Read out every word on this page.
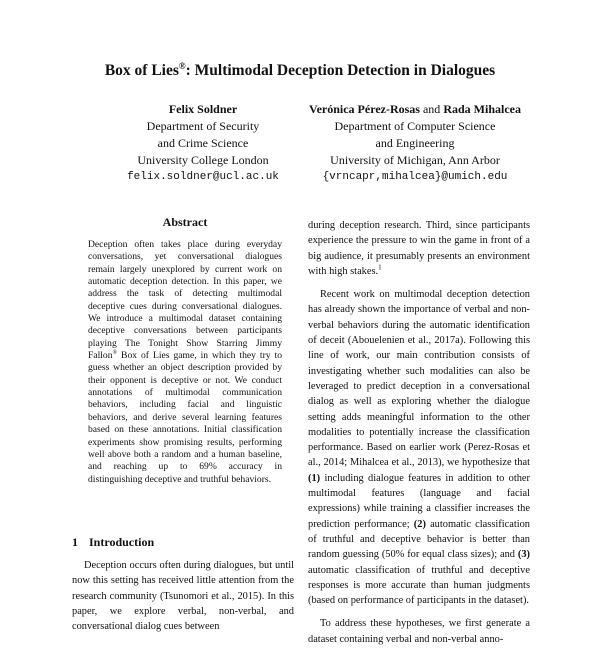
Box of Lies®: Multimodal Deception Detection in Dialogues
Felix Soldner
Department of Security
and Crime Science
University College London
felix.soldner@ucl.ac.uk
Verónica Pérez-Rosas and Rada Mihalcea
Department of Computer Science
and Engineering
University of Michigan, Ann Arbor
{vrncapr,mihalcea}@umich.edu
Abstract

Deception often takes place during everyday conversations, yet conversational dialogues remain largely unexplored by current work on automatic deception detection. In this paper, we address the task of detecting multimodal deceptive cues during conversational dialogues. We introduce a multimodal dataset containing deceptive conversations between participants playing The Tonight Show Starring Jimmy Fallon® Box of Lies game, in which they try to guess whether an object description provided by their opponent is deceptive or not. We conduct annotations of multimodal communication behaviors, including facial and linguistic behaviors, and derive several learning features based on these annotations. Initial classification experiments show promising results, performing well above both a random and a human baseline, and reaching up to 69% accuracy in distinguishing deceptive and truthful behaviors.

1 Introduction
Deception occurs often during dialogues, but until now this setting has received little attention from the research community (Tsunomori et al., 2015). In this paper, we explore verbal, non-verbal, and conversational dialog cues between
during deception research. Third, since participants experience the pressure to win the game in front of a big audience, it presumably presents an environment with high stakes.$^1$
Recent work on multimodal deception detection has already shown the importance of verbal and non-verbal behaviors during the automatic identification of deceit (Abouelenien et al., 2017a). Following this line of work, our main contribution consists of investigating whether such modalities can also be leveraged to predict deception in a conversational dialog as well as exploring whether the dialogue setting adds meaningful information to the other modalities to potentially increase the classification performance. Based on earlier work (Perez-Rosas et al., 2014; Mihalcea et al., 2013), we hypothesize that (1) including dialogue features in addition to other multimodal features (language and facial expressions) while training a classifier increases the prediction performance; (2) automatic classification of truthful and deceptive behavior is better than random guessing (50% for equal class sizes); and (3) automatic classification of truthful and deceptive responses is more accurate than human judgments (based on performance of participants in the dataset).
To address these hypotheses, we first generate a dataset containing verbal and non-verbal anno-
